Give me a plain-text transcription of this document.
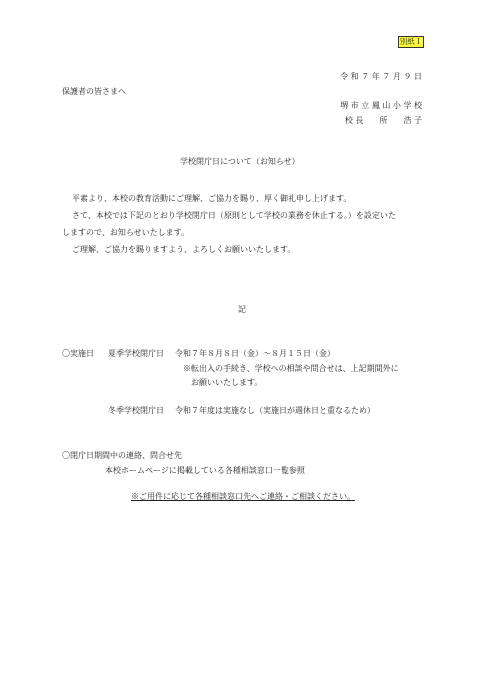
別紙Ｉ
令 和 ７ 年 ７ 月 ９ 日
保護者の皆さまへ
堺 市 立 鳳 山 小 学 校
校 長　　所　　浩 子
学校閉庁日について（お知らせ）
平素より、本校の教育活動にご理解、ご協力を賜り、厚く御礼申し上げます。
さて、本校では下記のとおり学校閉庁日（原則として学校の業務を休止する。）を設定いた
しますので、お知らせいたします。
ご理解、ご協力を賜りますよう、よろしくお願いいたします。
記
〇実施日 夏季学校閉庁日 令和７年８月８日（金）～８月１５日（金）
※転出入の手続き、学校への相談や問合せは、上記期間外に
お願いいたします。
冬季学校閉庁日 令和７年度は実施なし（実施日が週休日と重なるため）
〇閉庁日期間中の連絡、問合せ先
本校ホームページに掲載している各種相談窓口一覧参照
※ご用件に応じて各種相談窓口先へご連絡・ご相談ください。
